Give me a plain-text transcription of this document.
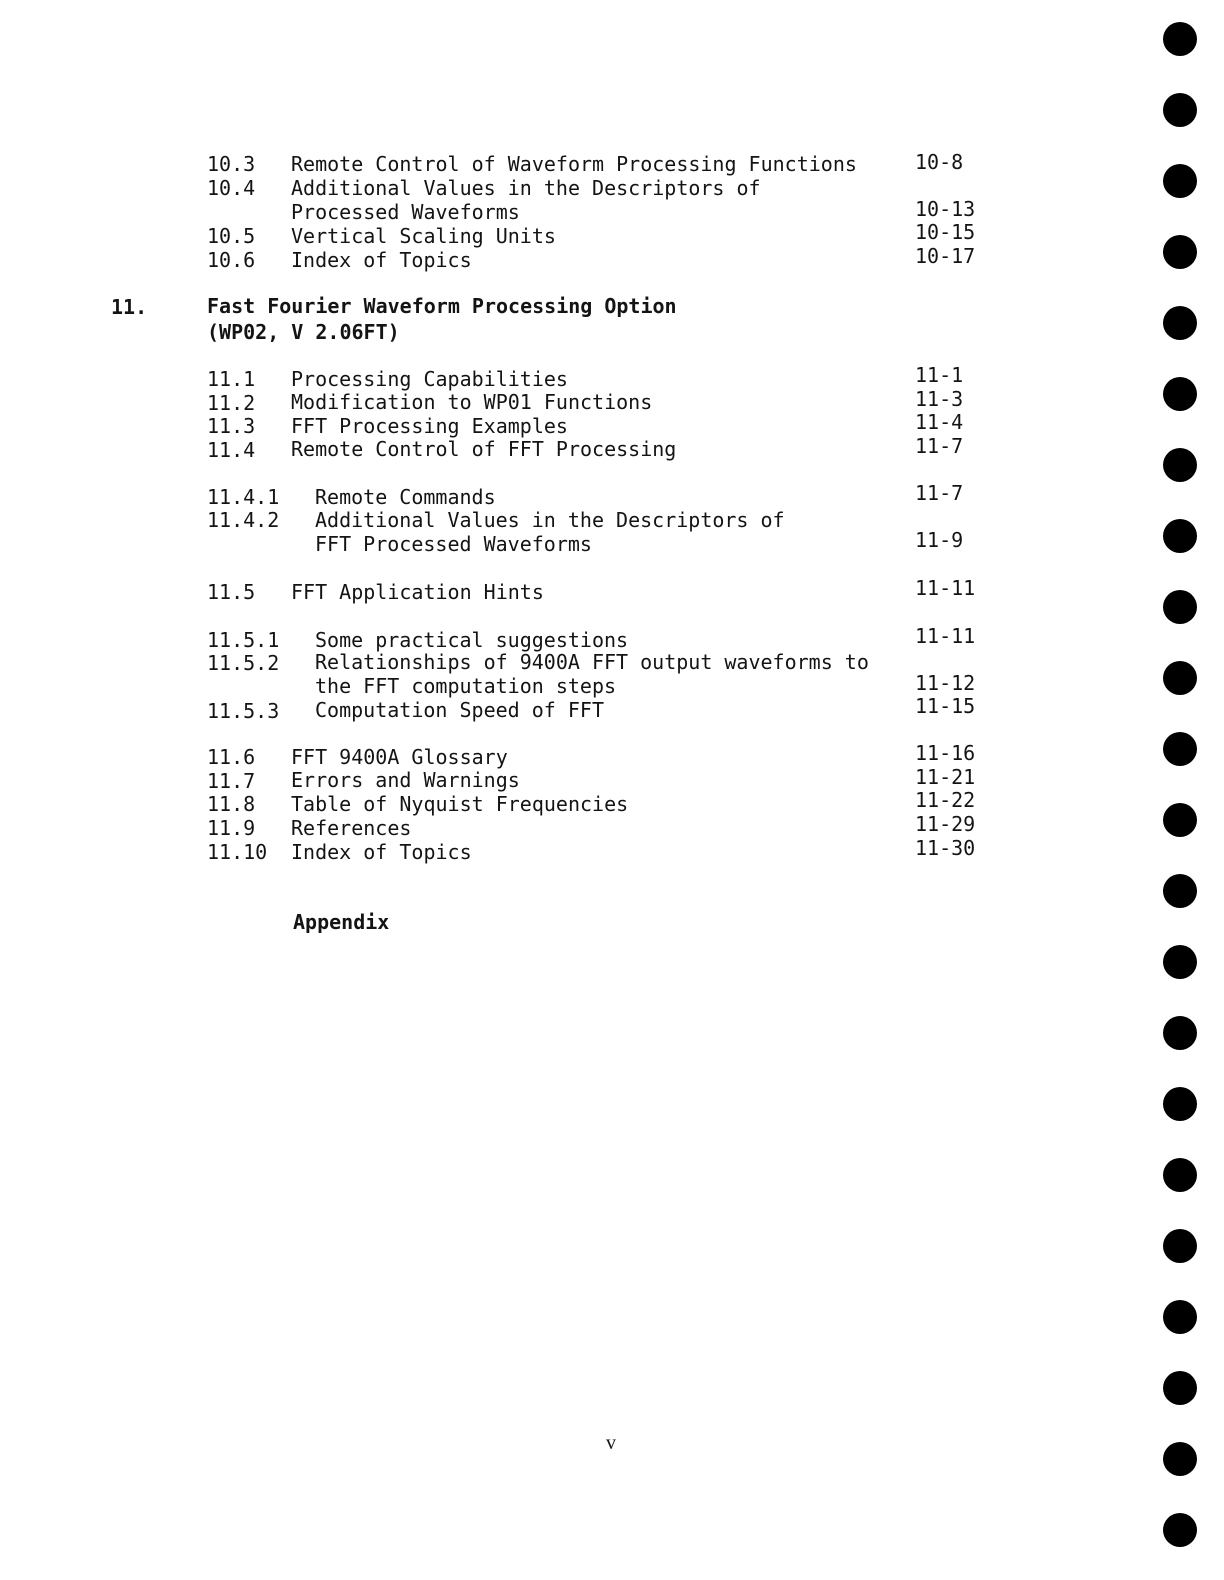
10.3 Remote Control of Waveform Processing Functions	10-8
10.4 Additional Values in the Descriptors of
Processed Waveforms	10-13
10.5 Vertical Scaling Units	10-15
10.6 Index of Topics	10-17
11.	Fast Fourier Waveform Processing Option
(WP02, V 2.06FT)
11.1 Processing Capabilities	11-1
11.2 Modification to WP01 Functions	11-3
11.3 FFT Processing Examples	11-4
11.4 Remote Control of FFT Processing	11-7
11.4.1 Remote Commands	11-7
11.4.2 Additional Values in the Descriptors of
FFT Processed Waveforms	11-9
11.5 FFT Application Hints	11-11
11.5.1 Some practical suggestions	11-11
11.5.2 Relationships of 9400A FFT output waveforms to
the FFT computation steps	11-12
11.5.3 Computation Speed of FFT	11-15
11.6 FFT 9400A Glossary	11-16
11.7 Errors and Warnings	11-21
11.8 Table of Nyquist Frequencies	11-22
11.9 References	11-29
11.10 Index of Topics	11-30
Appendix
v
